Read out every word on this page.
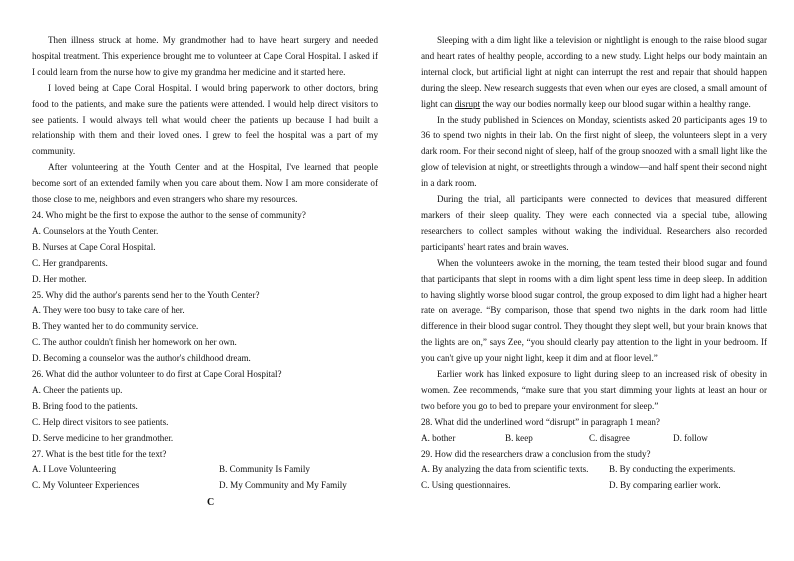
Then illness struck at home. My grandmother had to have heart surgery and needed hospital treatment. This experience brought me to volunteer at Cape Coral Hospital. I asked if I could learn from the nurse how to give my grandma her medicine and it started here.

I loved being at Cape Coral Hospital. I would bring paperwork to other doctors, bring food to the patients, and make sure the patients were attended. I would help direct visitors to see patients. I would always tell what would cheer the patients up because I had built a relationship with them and their loved ones. I grew to feel the hospital was a part of my community.

After volunteering at the Youth Center and at the Hospital, I've learned that people become sort of an extended family when you care about them. Now I am more considerate of those close to me, neighbors and even strangers who share my resources.

24. Who might be the first to expose the author to the sense of community?

A. Counselors at the Youth Center.

B. Nurses at Cape Coral Hospital.

C. Her grandparents.

D. Her mother.

25. Why did the author's parents send her to the Youth Center?

A. They were too busy to take care of her.

B. They wanted her to do community service.

C. The author couldn't finish her homework on her own.

D. Becoming a counselor was the author's childhood dream.

26. What did the author volunteer to do first at Cape Coral Hospital?

A. Cheer the patients up.

B. Bring food to the patients.

C. Help direct visitors to see patients.

D. Serve medicine to her grandmother.

27. What is the best title for the text?

A. I Love Volunteering	B. Community Is Family
C. My Volunteer Experiences	D. My Community and My Family
C

Sleeping with a dim light like a television or nightlight is enough to the raise blood sugar and heart rates of healthy people, according to a new study. Light helps our body maintain an internal clock, but artificial light at night can interrupt the rest and repair that should happen during the sleep. New research suggests that even when our eyes are closed, a small amount of light can disrupt the way our bodies normally keep our blood sugar within a healthy range.

In the study published in Sciences on Monday, scientists asked 20 participants ages 19 to 36 to spend two nights in their lab. On the first night of sleep, the volunteers slept in a very dark room. For their second night of sleep, half of the group snoozed with a small light like the glow of television at night, or streetlights through a window—and half spent their second night in a dark room.

During the trial, all participants were connected to devices that measured different markers of their sleep quality. They were each connected via a special tube, allowing researchers to collect samples without waking the individual. Researchers also recorded participants' heart rates and brain waves.

When the volunteers awoke in the morning, the team tested their blood sugar and found that participants that slept in rooms with a dim light spent less time in deep sleep. In addition to having slightly worse blood sugar control, the group exposed to dim light had a higher heart rate on average. “By comparison, those that spend two nights in the dark room had little difference in their blood sugar control. They thought they slept well, but your brain knows that the lights are on,” says Zee, “you should clearly pay attention to the light in your bedroom. If you can't give up your night light, keep it dim and at floor level.”

Earlier work has linked exposure to light during sleep to an increased risk of obesity in women. Zee recommends, “make sure that you start dimming your lights at least an hour or two before you go to bed to prepare your environment for sleep.”

28. What did the underlined word “disrupt” in paragraph 1 mean?

A. bother	B. keep	C. disagree	D. follow

29. How did the researchers draw a conclusion from the study?

A. By analyzing the data from scientific texts.	B. By conducting the experiments.
C. Using questionnaires.	D. By comparing earlier work.
